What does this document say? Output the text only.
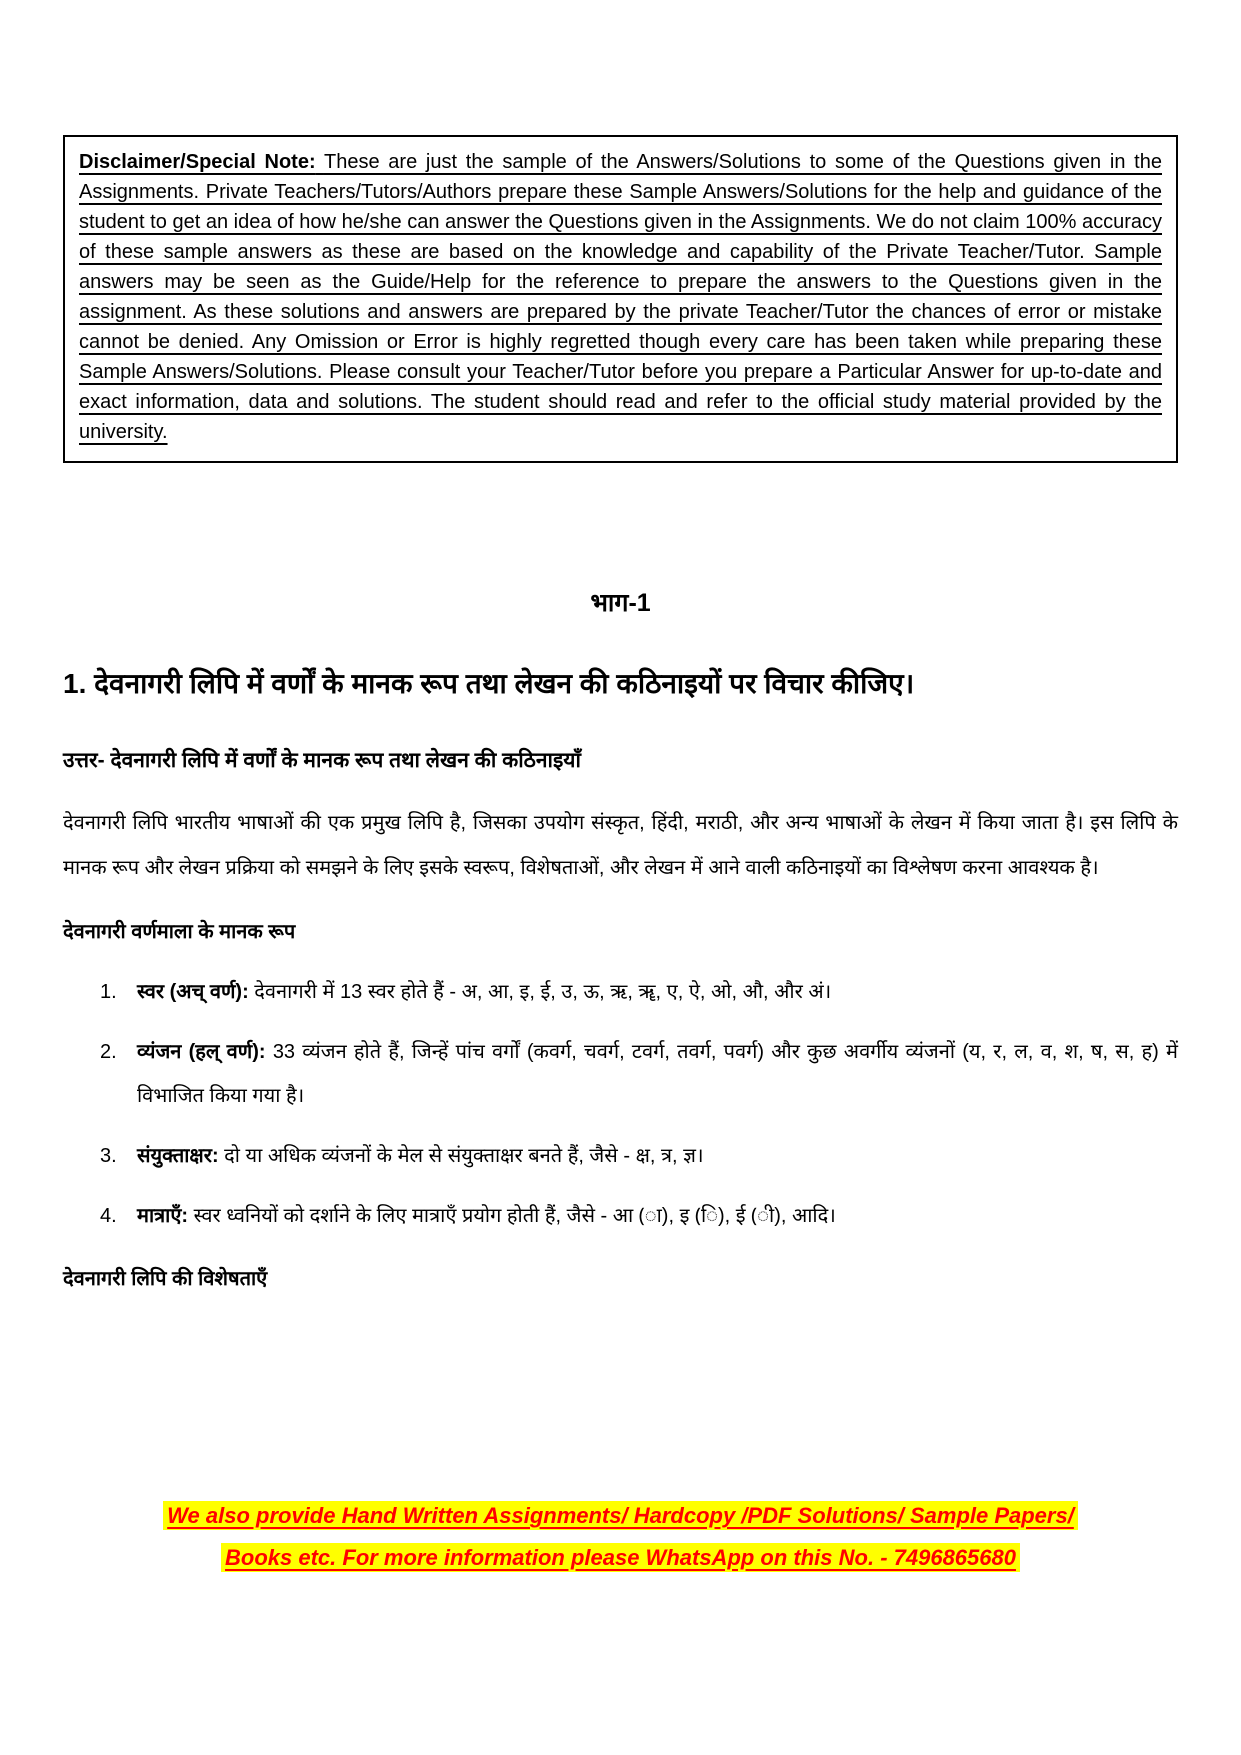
Disclaimer/Special Note: These are just the sample of the Answers/Solutions to some of the Questions given in the Assignments. Private Teachers/Tutors/Authors prepare these Sample Answers/Solutions for the help and guidance of the student to get an idea of how he/she can answer the Questions given in the Assignments. We do not claim 100% accuracy of these sample answers as these are based on the knowledge and capability of the Private Teacher/Tutor. Sample answers may be seen as the Guide/Help for the reference to prepare the answers to the Questions given in the assignment. As these solutions and answers are prepared by the private Teacher/Tutor the chances of error or mistake cannot be denied. Any Omission or Error is highly regretted though every care has been taken while preparing these Sample Answers/Solutions. Please consult your Teacher/Tutor before you prepare a Particular Answer for up-to-date and exact information, data and solutions. The student should read and refer to the official study material provided by the university.

भाग-1
1. देवनागरी लिपि में वर्णों के मानक रूप तथा लेखन की कठिनाइयों पर विचार कीजिए।
उत्तर- देवनागरी लिपि में वर्णों के मानक रूप तथा लेखन की कठिनाइयाँ

देवनागरी लिपि भारतीय भाषाओं की एक प्रमुख लिपि है, जिसका उपयोग संस्कृत, हिंदी, मराठी, और अन्य भाषाओं के लेखन में किया जाता है। इस लिपि के मानक रूप और लेखन प्रक्रिया को समझने के लिए इसके स्वरूप, विशेषताओं, और लेखन में आने वाली कठिनाइयों का विश्लेषण करना आवश्यक है।

देवनागरी वर्णमाला के मानक रूप
1.	स्वर (अच् वर्ण): देवनागरी में 13 स्वर होते हैं - अ, आ, इ, ई, उ, ऊ, ऋ, ॠ, ए, ऐ, ओ, औ, और अं।

2.	व्यंजन (हल् वर्ण): 33 व्यंजन होते हैं, जिन्हें पांच वर्गों (कवर्ग, चवर्ग, टवर्ग, तवर्ग, पवर्ग) और कुछ अवर्गीय व्यंजनों (य, र, ल, व, श, ष, स, ह) में विभाजित किया गया है।

3.	संयुक्ताक्षर: दो या अधिक व्यंजनों के मेल से संयुक्ताक्षर बनते हैं, जैसे - क्ष, त्र, ज्ञ।

4.	मात्राएँ: स्वर ध्वनियों को दर्शाने के लिए मात्राएँ प्रयोग होती हैं, जैसे - आ (ा), इ (ि), ई (ी), आदि।

देवनागरी लिपि की विशेषताएँ
We also provide Hand Written Assignments/ Hardcopy /PDF Solutions/ Sample Papers/
Books etc. For more information please WhatsApp on this No. - 7496865680
